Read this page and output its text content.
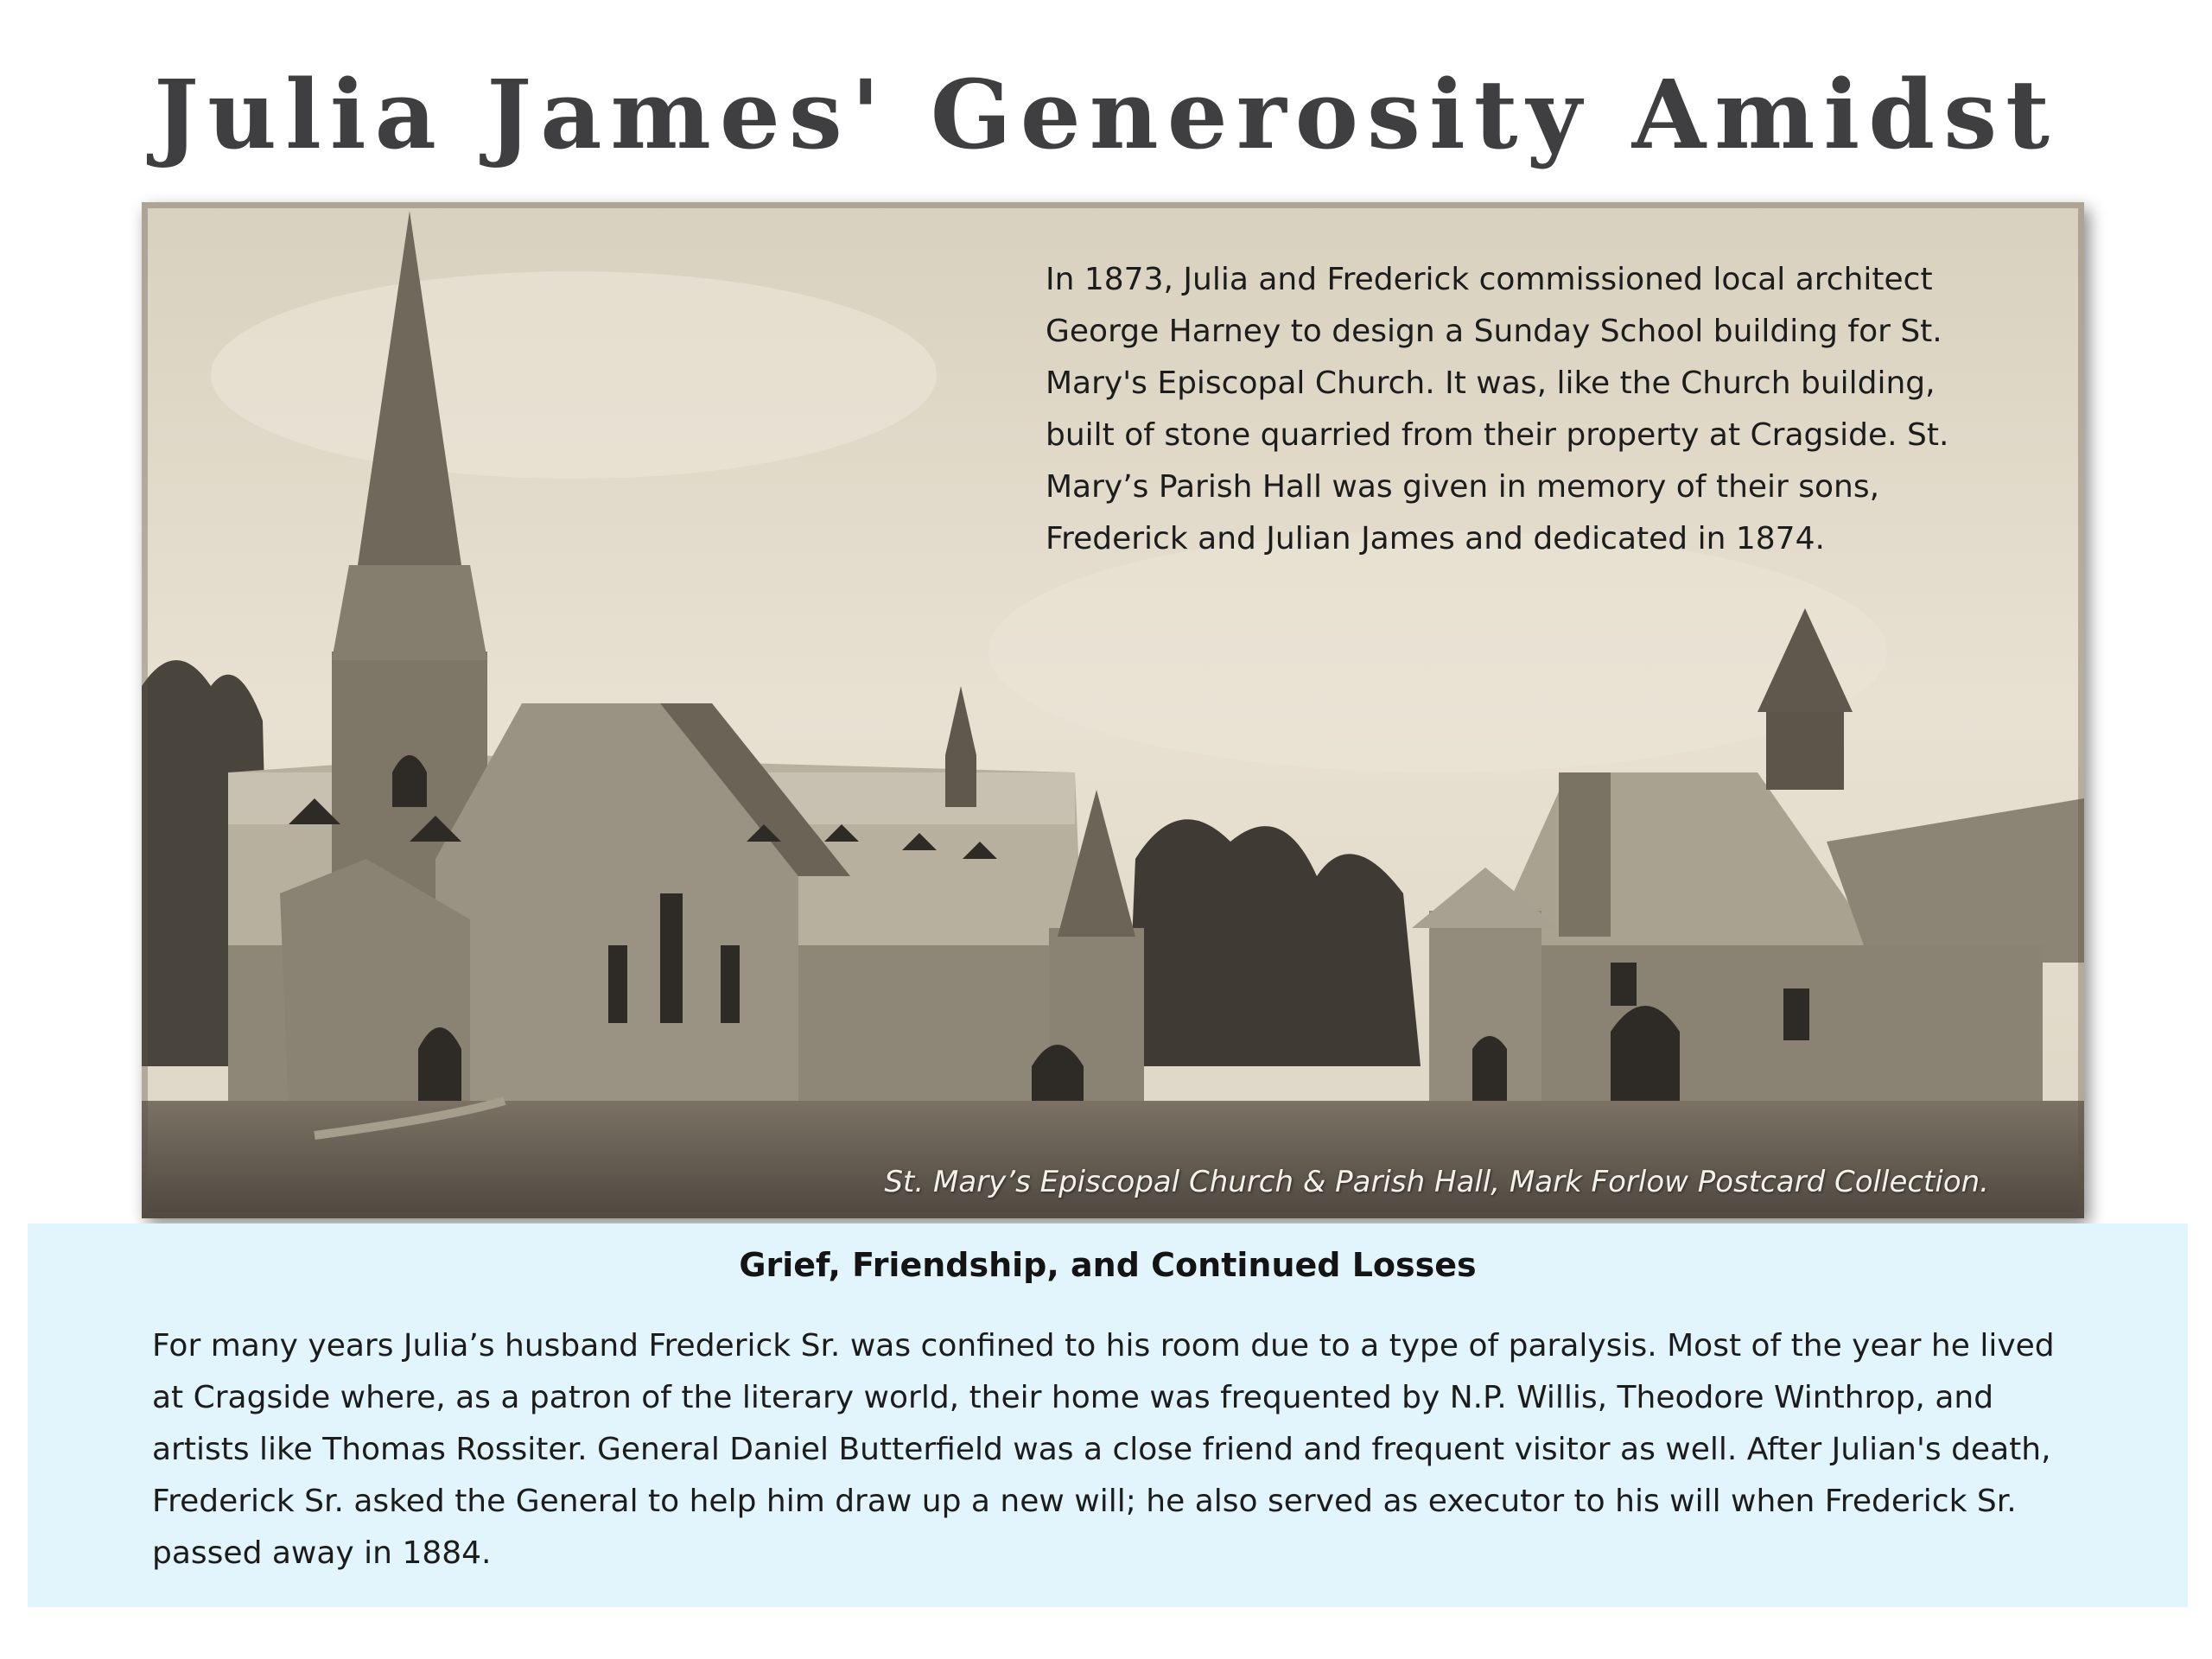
Julia James' Generosity Amidst

In 1873, Julia and Frederick commissioned local architect George Harney to design a Sunday School building for St. Mary's Episcopal Church. It was, like the Church building, built of stone quarried from their property at Cragside. St. Mary’s Parish Hall was given in memory of their sons, Frederick and Julian James and dedicated in 1874.

St. Mary’s Episcopal Church & Parish Hall, Mark Forlow Postcard Collection.
Grief, Friendship, and Continued Losses

For many years Julia’s husband Frederick Sr. was confined to his room due to a type of paralysis. Most of the year he lived at Cragside where, as a patron of the literary world, their home was frequented by N.P. Willis, Theodore Winthrop, and artists like Thomas Rossiter. General Daniel Butterfield was a close friend and frequent visitor as well. After Julian's death, Frederick Sr. asked the General to help him draw up a new will; he also served as executor to his will when Frederick Sr. passed away in 1884.
